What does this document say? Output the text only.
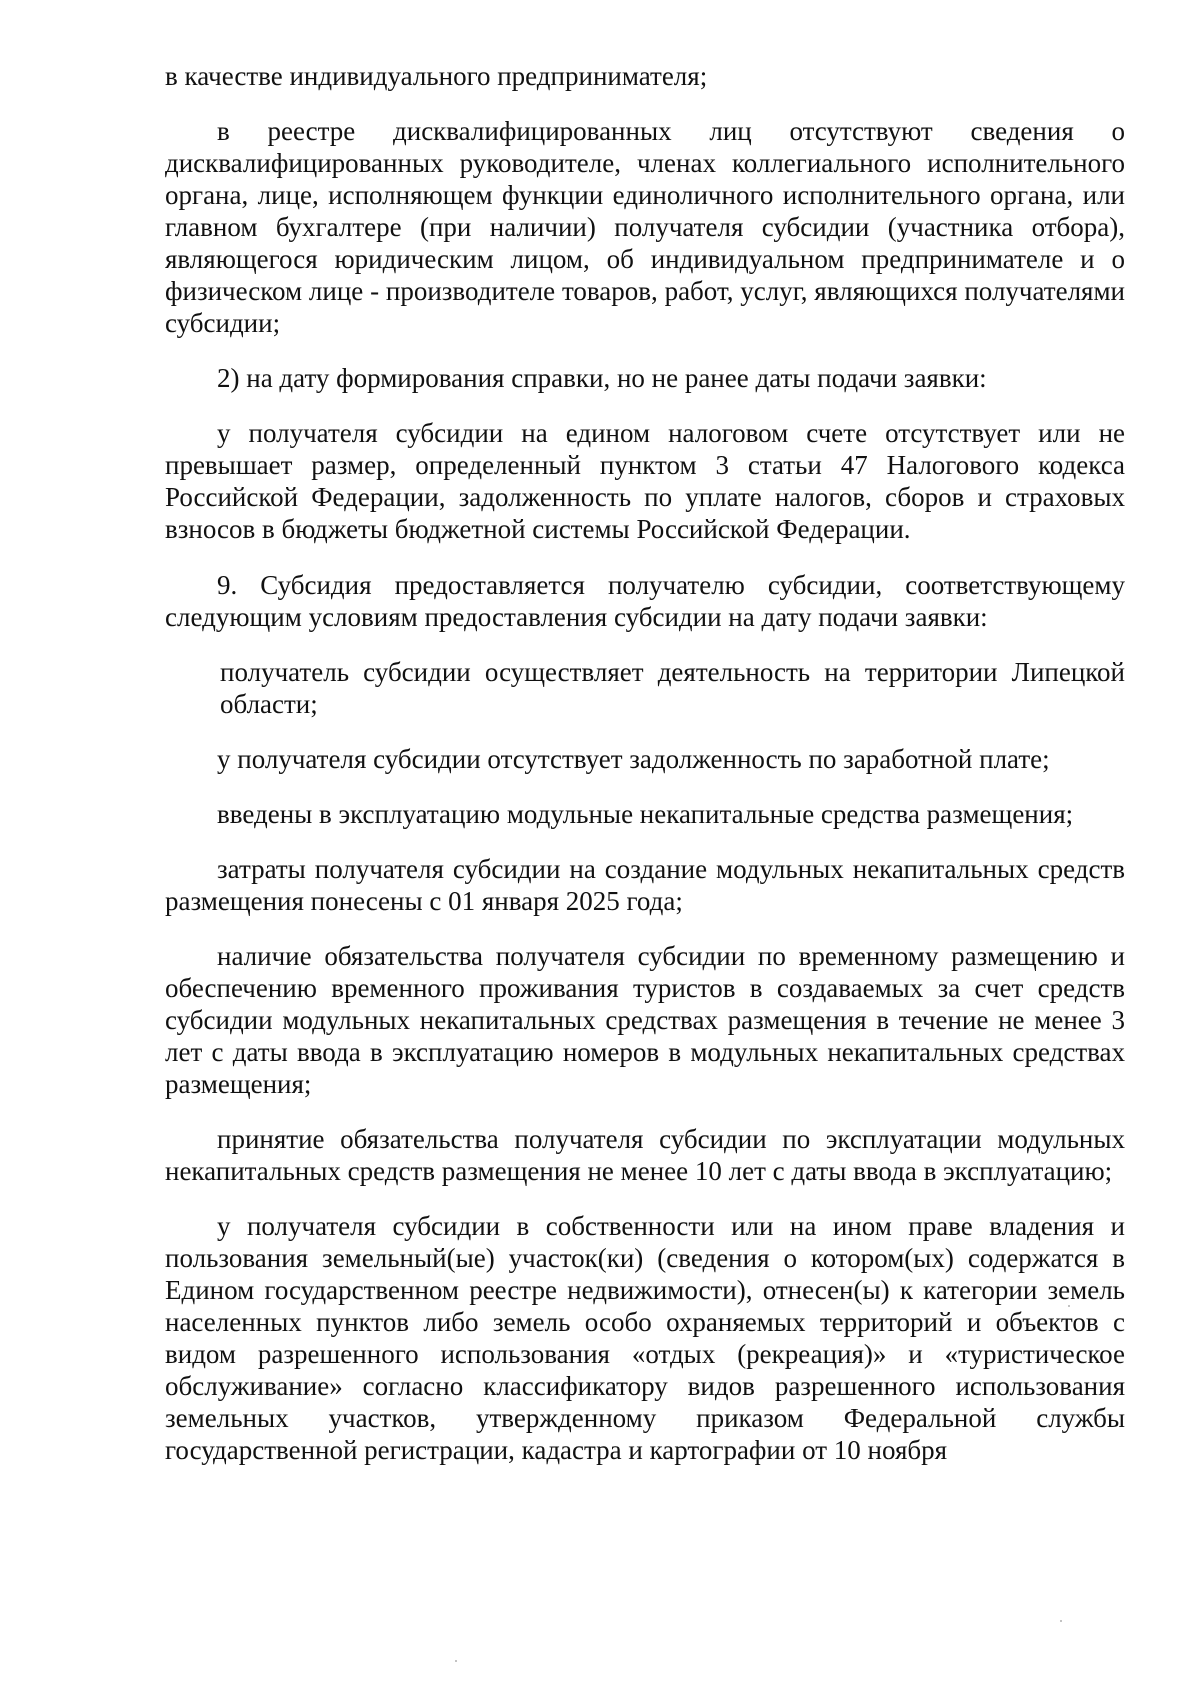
в качестве индивидуального предпринимателя;

в реестре дисквалифицированных лиц отсутствуют сведения о дисквалифицированных руководителе, членах коллегиального исполнительного органа, лице, исполняющем функции единоличного исполнительного органа, или главном бухгалтере (при наличии) получателя субсидии (участника отбора), являющегося юридическим лицом, об индивидуальном предпринимателе и о физическом лице - производителе товаров, работ, услуг, являющихся получателями субсидии;

2) на дату формирования справки, но не ранее даты подачи заявки:

у получателя субсидии на едином налоговом счете отсутствует или не превышает размер, определенный пунктом 3 статьи 47 Налогового кодекса Российской Федерации, задолженность по уплате налогов, сборов и страховых взносов в бюджеты бюджетной системы Российской Федерации.

9. Субсидия предоставляется получателю субсидии, соответствующему следующим условиям предоставления субсидии на дату подачи заявки:

получатель субсидии осуществляет деятельность на территории Липецкой области;

у получателя субсидии отсутствует задолженность по заработной плате;

введены в эксплуатацию модульные некапитальные средства размещения;

затраты получателя субсидии на создание модульных некапитальных средств размещения понесены с 01 января 2025 года;

наличие обязательства получателя субсидии по временному размещению и обеспечению временного проживания туристов в создаваемых за счет средств субсидии модульных некапитальных средствах размещения в течение не менее 3 лет с даты ввода в эксплуатацию номеров в модульных некапитальных средствах размещения;

принятие обязательства получателя субсидии по эксплуатации модульных некапитальных средств размещения не менее 10 лет с даты ввода в эксплуатацию;

у получателя субсидии в собственности или на ином праве владения и пользования земельный(ые) участок(ки) (сведения о котором(ых) содержатся в Едином государственном реестре недвижимости), отнесен(ы) к категории земель населенных пунктов либо земель особо охраняемых территорий и объектов с видом разрешенного использования «отдых (рекреация)» и «туристическое обслуживание» согласно классификатору видов разрешенного использования земельных участков, утвержденному приказом Федеральной службы государственной регистрации, кадастра и картографии от 10 ноября
